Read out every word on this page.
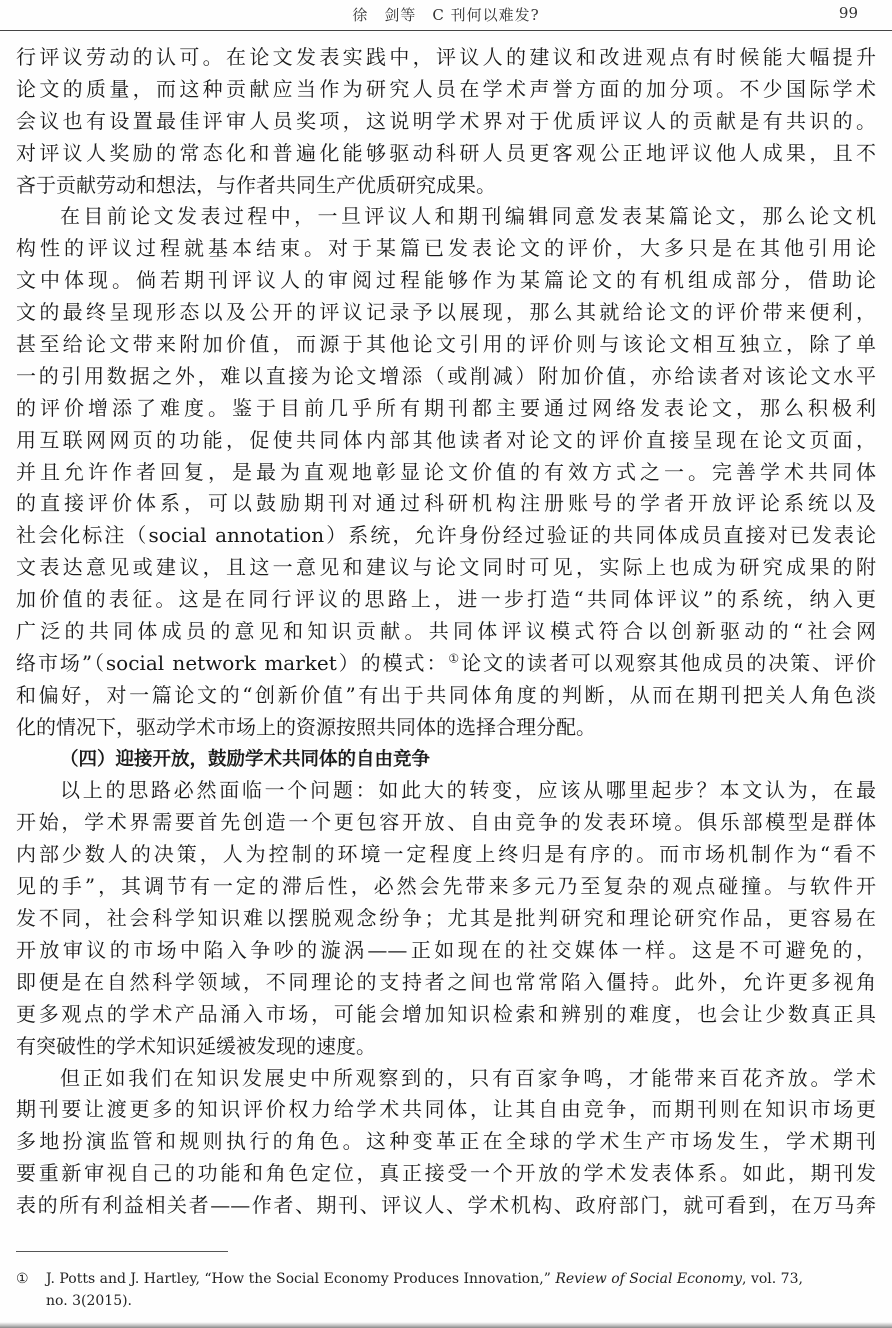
徐　剑等　C 刊何以难发?	99
行评议劳动的认可。在论文发表实践中，评议人的建议和改进观点有时候能大幅提升
论文的质量，而这种贡献应当作为研究人员在学术声誉方面的加分项。不少国际学术
会议也有设置最佳评审人员奖项，这说明学术界对于优质评议人的贡献是有共识的。
对评议人奖励的常态化和普遍化能够驱动科研人员更客观公正地评议他人成果，且不
吝于贡献劳动和想法，与作者共同生产优质研究成果。
在目前论文发表过程中，一旦评议人和期刊编辑同意发表某篇论文，那么论文机
构性的评议过程就基本结束。对于某篇已发表论文的评价，大多只是在其他引用论
文中体现。倘若期刊评议人的审阅过程能够作为某篇论文的有机组成部分，借助论
文的最终呈现形态以及公开的评议记录予以展现，那么其就给论文的评价带来便利，
甚至给论文带来附加价值，而源于其他论文引用的评价则与该论文相互独立，除了单
一的引用数据之外，难以直接为论文增添（或削减）附加价值，亦给读者对该论文水平
的评价增添了难度。鉴于目前几乎所有期刊都主要通过网络发表论文，那么积极利
用互联网网页的功能，促使共同体内部其他读者对论文的评价直接呈现在论文页面，
并且允许作者回复，是最为直观地彰显论文价值的有效方式之一。完善学术共同体
的直接评价体系，可以鼓励期刊对通过科研机构注册账号的学者开放评论系统以及
社会化标注（social annotation）系统，允许身份经过验证的共同体成员直接对已发表论
文表达意见或建议，且这一意见和建议与论文同时可见，实际上也成为研究成果的附
加价值的表征。这是在同行评议的思路上，进一步打造“共同体评议”的系统，纳入更
广泛的共同体成员的意见和知识贡献。共同体评议模式符合以创新驱动的“社会网
络市场”（social network market）的模式：①论文的读者可以观察其他成员的决策、评价
和偏好，对一篇论文的“创新价值”有出于共同体角度的判断，从而在期刊把关人角色淡
化的情况下，驱动学术市场上的资源按照共同体的选择合理分配。
（四）迎接开放，鼓励学术共同体的自由竞争
以上的思路必然面临一个问题：如此大的转变，应该从哪里起步？本文认为，在最
开始，学术界需要首先创造一个更包容开放、自由竞争的发表环境。俱乐部模型是群体
内部少数人的决策，人为控制的环境一定程度上终归是有序的。而市场机制作为“看不
见的手”，其调节有一定的滞后性，必然会先带来多元乃至复杂的观点碰撞。与软件开
发不同，社会科学知识难以摆脱观念纷争；尤其是批判研究和理论研究作品，更容易在
开放审议的市场中陷入争吵的漩涡——正如现在的社交媒体一样。这是不可避免的，
即便是在自然科学领域，不同理论的支持者之间也常常陷入僵持。此外，允许更多视角
更多观点的学术产品涌入市场，可能会增加知识检索和辨别的难度，也会让少数真正具
有突破性的学术知识延缓被发现的速度。
但正如我们在知识发展史中所观察到的，只有百家争鸣，才能带来百花齐放。学术
期刊要让渡更多的知识评价权力给学术共同体，让其自由竞争，而期刊则在知识市场更
多地扮演监管和规则执行的角色。这种变革正在全球的学术生产市场发生，学术期刊
要重新审视自己的功能和角色定位，真正接受一个开放的学术发表体系。如此，期刊发
表的所有利益相关者——作者、期刊、评议人、学术机构、政府部门，就可看到，在万马奔
① J. Potts and J. Hartley, “How the Social Economy Produces Innovation,” Review of Social Economy, vol. 73,
no. 3(2015).
